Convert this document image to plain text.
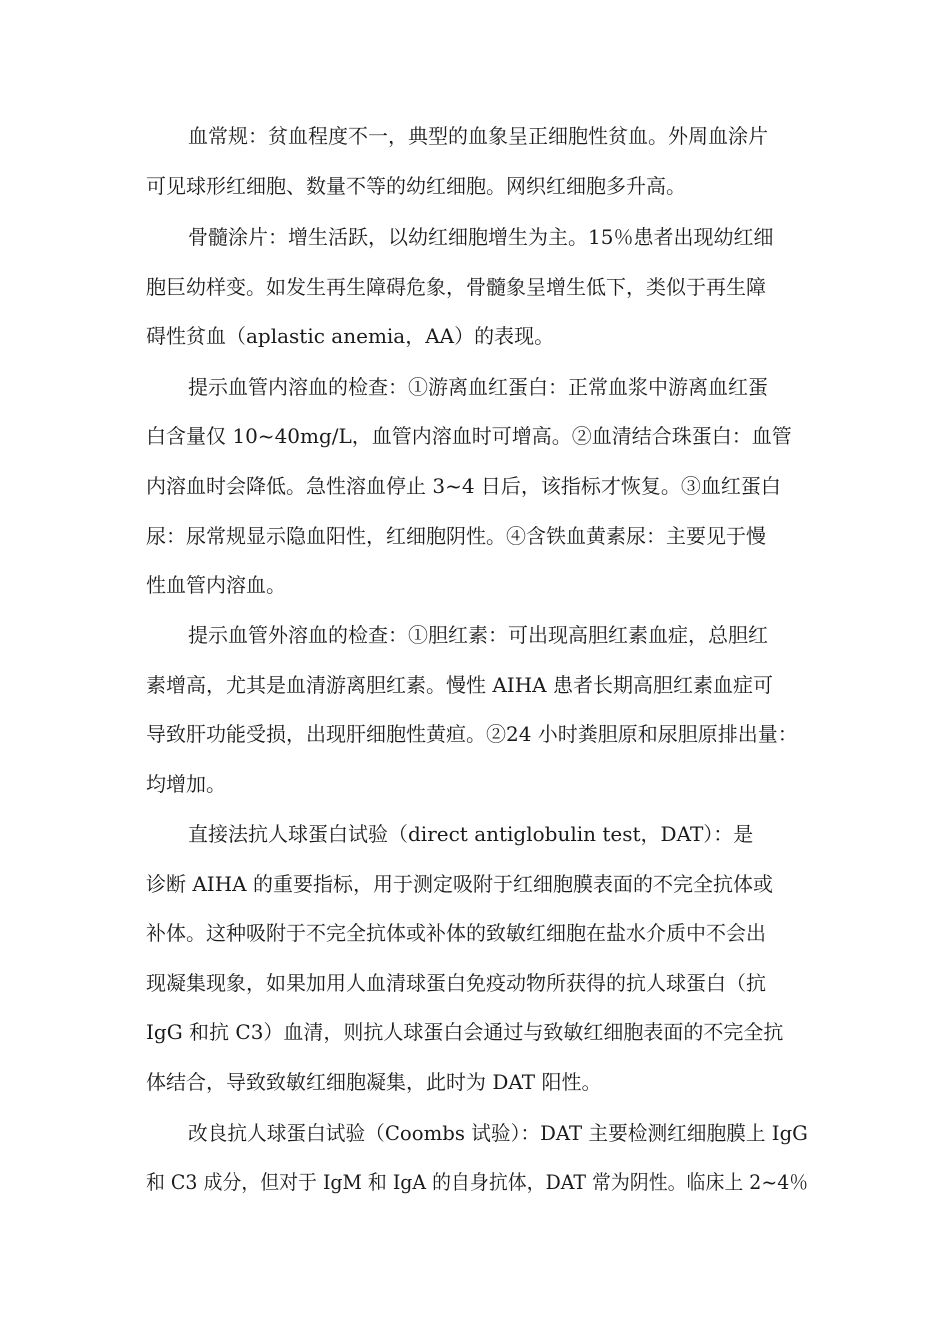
血常规：贫血程度不一，典型的血象呈正细胞性贫血。外周血涂片
可见球形红细胞、数量不等的幼红细胞。网织红细胞多升高。
骨髓涂片：增生活跃，以幼红细胞增生为主。15％患者出现幼红细
胞巨幼样变。如发生再生障碍危象，骨髓象呈增生低下，类似于再生障
碍性贫血（aplastic anemia，AA）的表现。
提示血管内溶血的检查：①游离血红蛋白：正常血浆中游离血红蛋
白含量仅 10~40mg/L，血管内溶血时可增高。②血清结合珠蛋白：血管
内溶血时会降低。急性溶血停止 3~4 日后，该指标才恢复。③血红蛋白
尿：尿常规显示隐血阳性，红细胞阴性。④含铁血黄素尿：主要见于慢
性血管内溶血。
提示血管外溶血的检查：①胆红素：可出现高胆红素血症，总胆红
素增高，尤其是血清游离胆红素。慢性 AIHA 患者长期高胆红素血症可
导致肝功能受损，出现肝细胞性黄疸。②24 小时粪胆原和尿胆原排出量：
均增加。
直接法抗人球蛋白试验（direct antiglobulin test，DAT）：是
诊断 AIHA 的重要指标，用于测定吸附于红细胞膜表面的不完全抗体或
补体。这种吸附于不完全抗体或补体的致敏红细胞在盐水介质中不会出
现凝集现象，如果加用人血清球蛋白免疫动物所获得的抗人球蛋白（抗
IgG 和抗 C3）血清，则抗人球蛋白会通过与致敏红细胞表面的不完全抗
体结合，导致致敏红细胞凝集，此时为 DAT 阳性。
改良抗人球蛋白试验（Coombs 试验）：DAT 主要检测红细胞膜上 IgG
和 C3 成分，但对于 IgM 和 IgA 的自身抗体，DAT 常为阴性。临床上 2~4％
